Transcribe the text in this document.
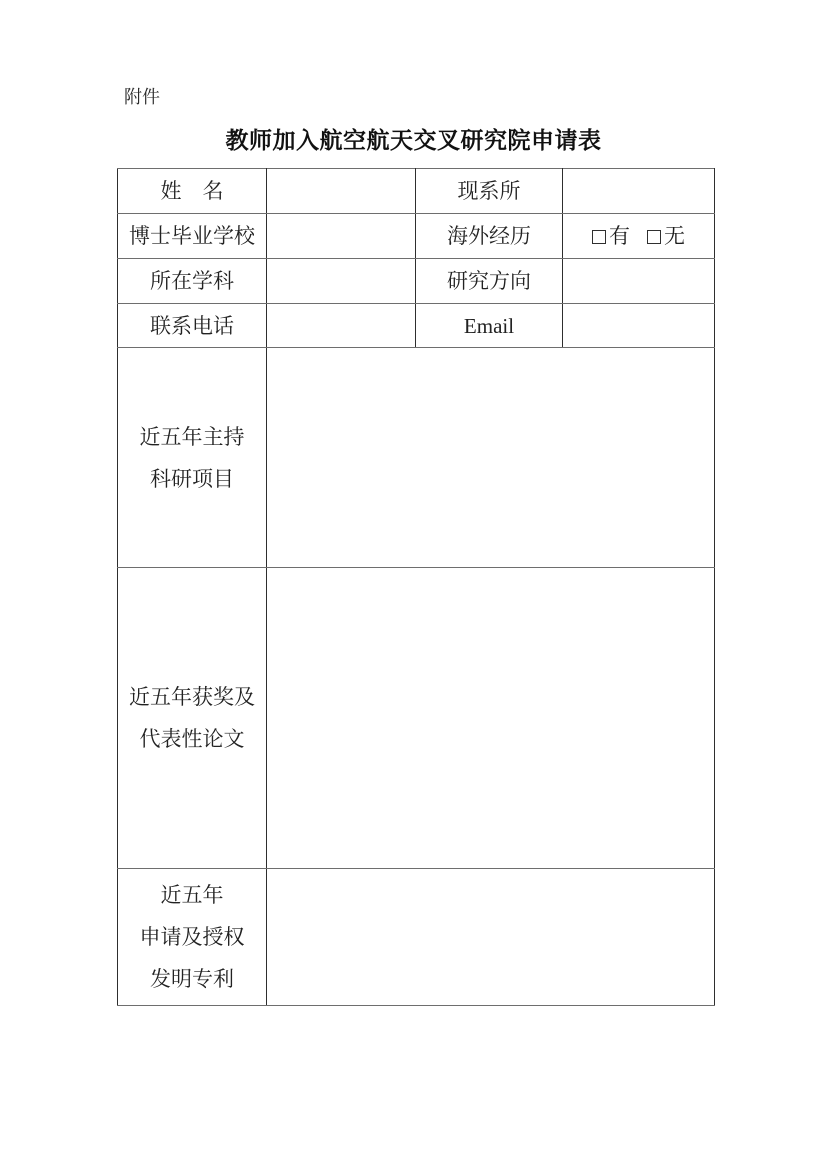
附件
教师加入航空航天交叉研究院申请表
姓　名		现系所	
博士毕业学校		海外经历	有 无

所在学科		研究方向	
联系电话		Email	

近五年主持
科研项目			

近五年获奖及
代表性论文			

近五年
申请及授权
发明专利			
